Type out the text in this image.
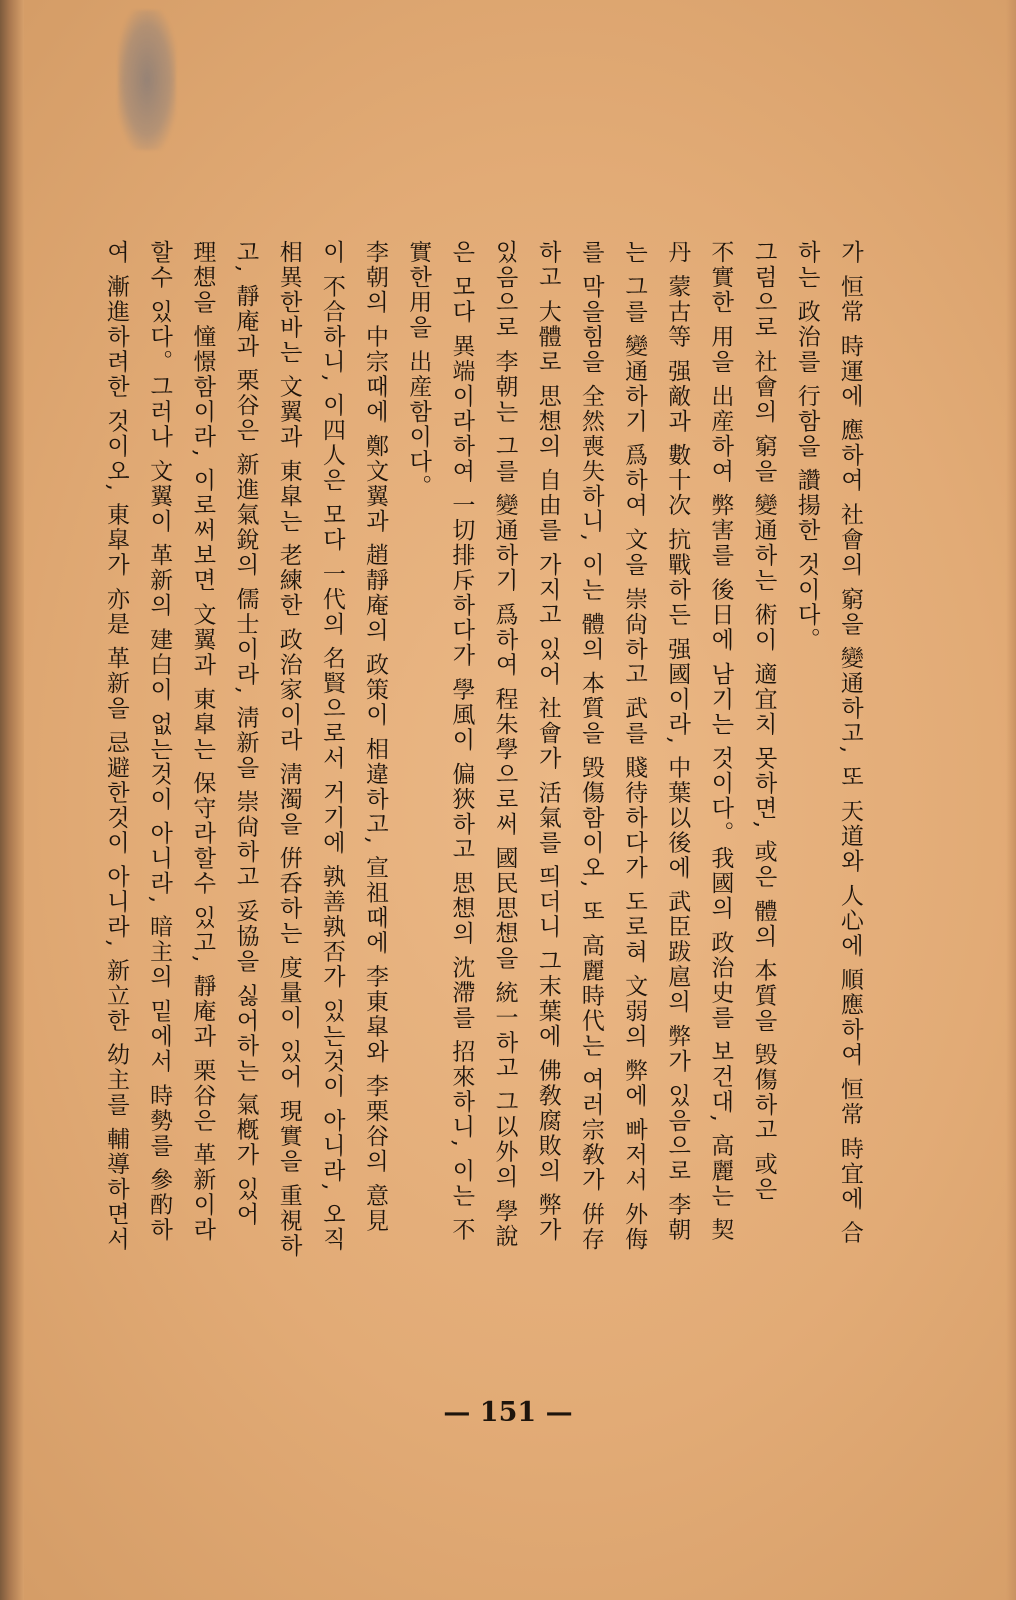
가 恒常 時運에 應하여 社會의 窮을 變通하고, 또 天道와 人心에 順應하여 恒常 時宜에 合
하는 政治를 行함을 讚揚한 것이다。
그럼으로 社會의 窮을 變通하는 術이 適宜치 못하면, 或은 體의 本質을 毁傷하고 或은
不實한 用을 出産하여 弊害를 後日에 남기는 것이다。我國의 政治史를 보건대, 高麗는 契
丹 蒙古等 强敵과 數十次 抗戰하든 强國이라, 中葉以後에 武臣跋扈의 弊가 있음으로 李朝
는 그를 變通하기 爲하여 文을 崇尙하고 武를 賤待하다가 도로혀 文弱의 弊에 빠저서 外侮
를 막을힘을 全然喪失하니, 이는 體의 本質을 毁傷함이오, 또 高麗時代는 여러宗敎가 倂存
하고 大體로 思想의 自由를 가지고 있어 社會가 活氣를 띄더니 그末葉에 佛敎腐敗의 弊가
있음으로 李朝는 그를 變通하기 爲하여 程朱學으로써 國民思想을 統一하고 그以外의 學說
은 모다 異端이라하여 一切排斥하다가 學風이 偏狹하고 思想의 沈滯를 招來하니, 이는 不
實한用을 出産함이다。
李朝의 中宗때에 鄭文翼과 趙靜庵의 政策이 相違하고, 宣祖때에 李東皐와 李栗谷의 意見
이 不合하니, 이四人은 모다 一代의 名賢으로서 거기에 孰善孰否가 있는것이 아니라, 오직
相異한바는 文翼과 東皐는 老練한 政治家이라 淸濁을 倂呑하는 度量이 있어 現實을 重視하
고, 靜庵과 栗谷은 新進氣銳의 儒士이라, 淸新을 崇尙하고 妥協을 싫어하는 氣槪가 있어
理想을 憧憬함이라, 이로써보면 文翼과 東皐는 保守라할수 있고, 靜庵과 栗谷은 革新이라
할수 있다。그러나 文翼이 革新의 建白이 없는것이 아니라, 暗主의 밑에서 時勢를 參酌하
여 漸進하려한 것이오, 東皐가 亦是 革新을 忌避한것이 아니라, 新立한 幼主를 輔導하면서
— 151 —
